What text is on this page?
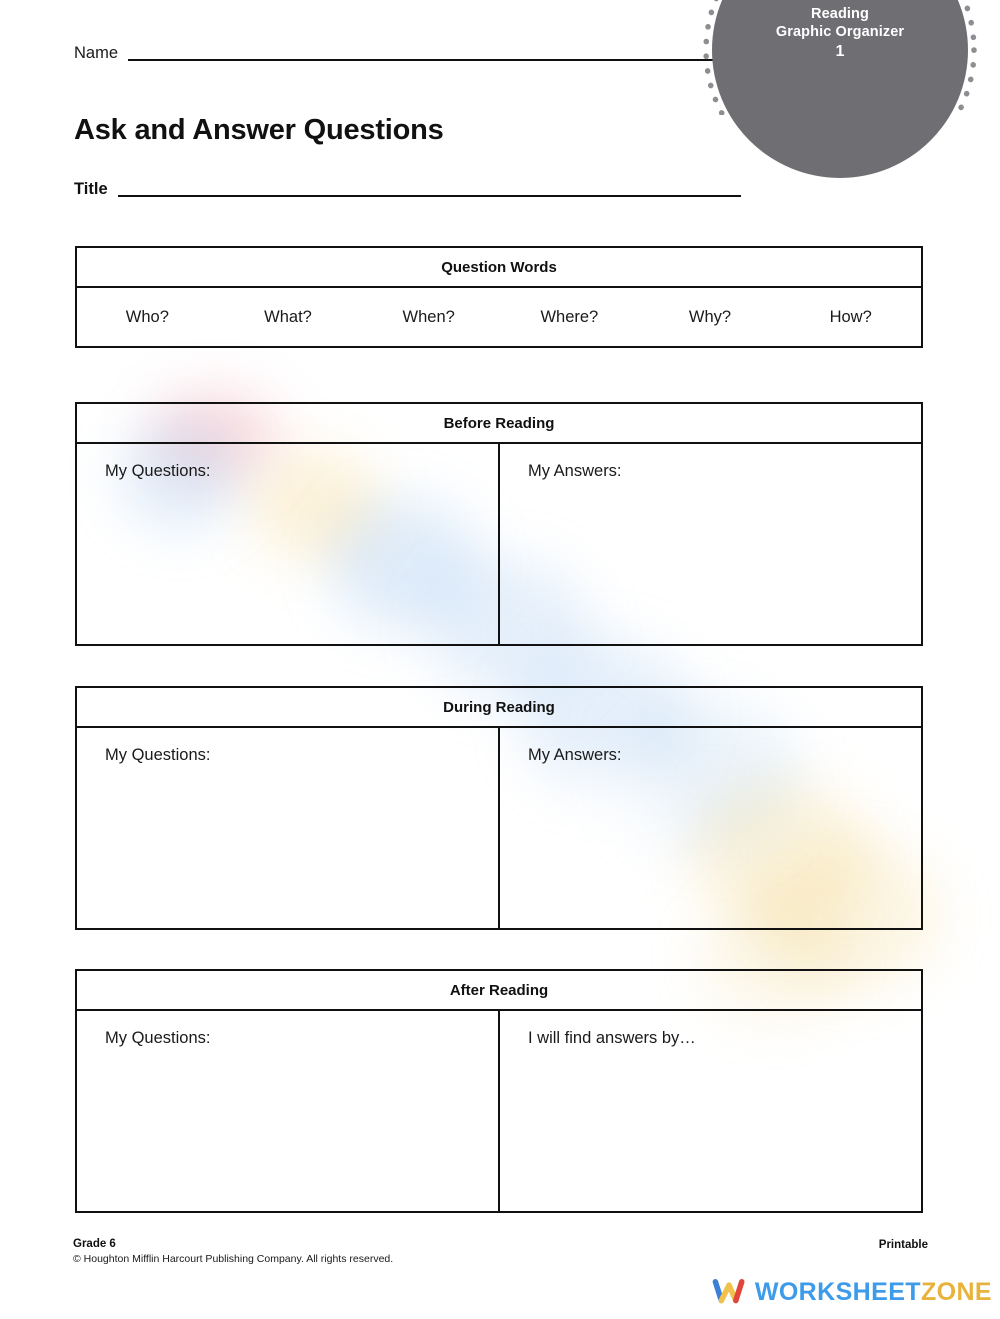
Reading
Graphic Organizer
1
Name
Ask and Answer Questions
Title
Question Words
Who?	What?	When?	Where?	Why?	How?
Before Reading
My Questions:	My Answers:
During Reading
My Questions:	My Answers:
After Reading
My Questions:	I will find answers by…
Grade 6
© Houghton Mifflin Harcourt Publishing Company. All rights reserved.
Printable
WORKSHEETZONE
